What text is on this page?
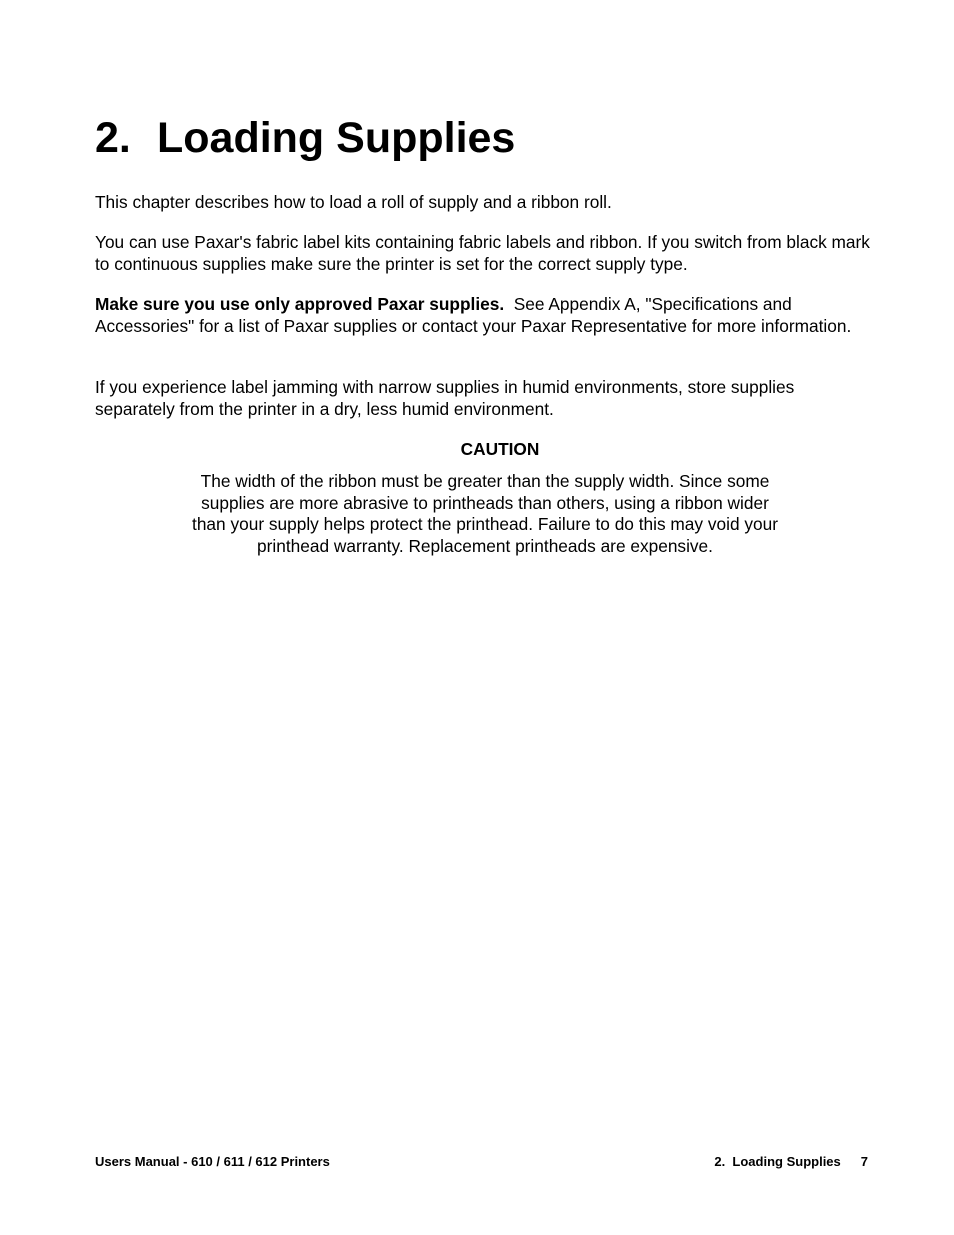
2. Loading Supplies

This chapter describes how to load a roll of supply and a ribbon roll.

You can use Paxar's fabric label kits containing fabric labels and ribbon. If you switch from black mark to continuous supplies make sure the printer is set for the correct supply type.

Make sure you use only approved Paxar supplies.  See Appendix A, "Specifications and Accessories" for a list of Paxar supplies or contact your Paxar Representative for more information.

If you experience label jamming with narrow supplies in humid environments, store supplies separately from the printer in a dry, less humid environment.

CAUTION

The width of the ribbon must be greater than the supply width. Since some supplies are more abrasive to printheads than others, using a ribbon wider than your supply helps protect the printhead. Failure to do this may void your printhead warranty. Replacement printheads are expensive.

Users Manual - 610 / 611 / 612 Printers	2.  Loading Supplies 7
